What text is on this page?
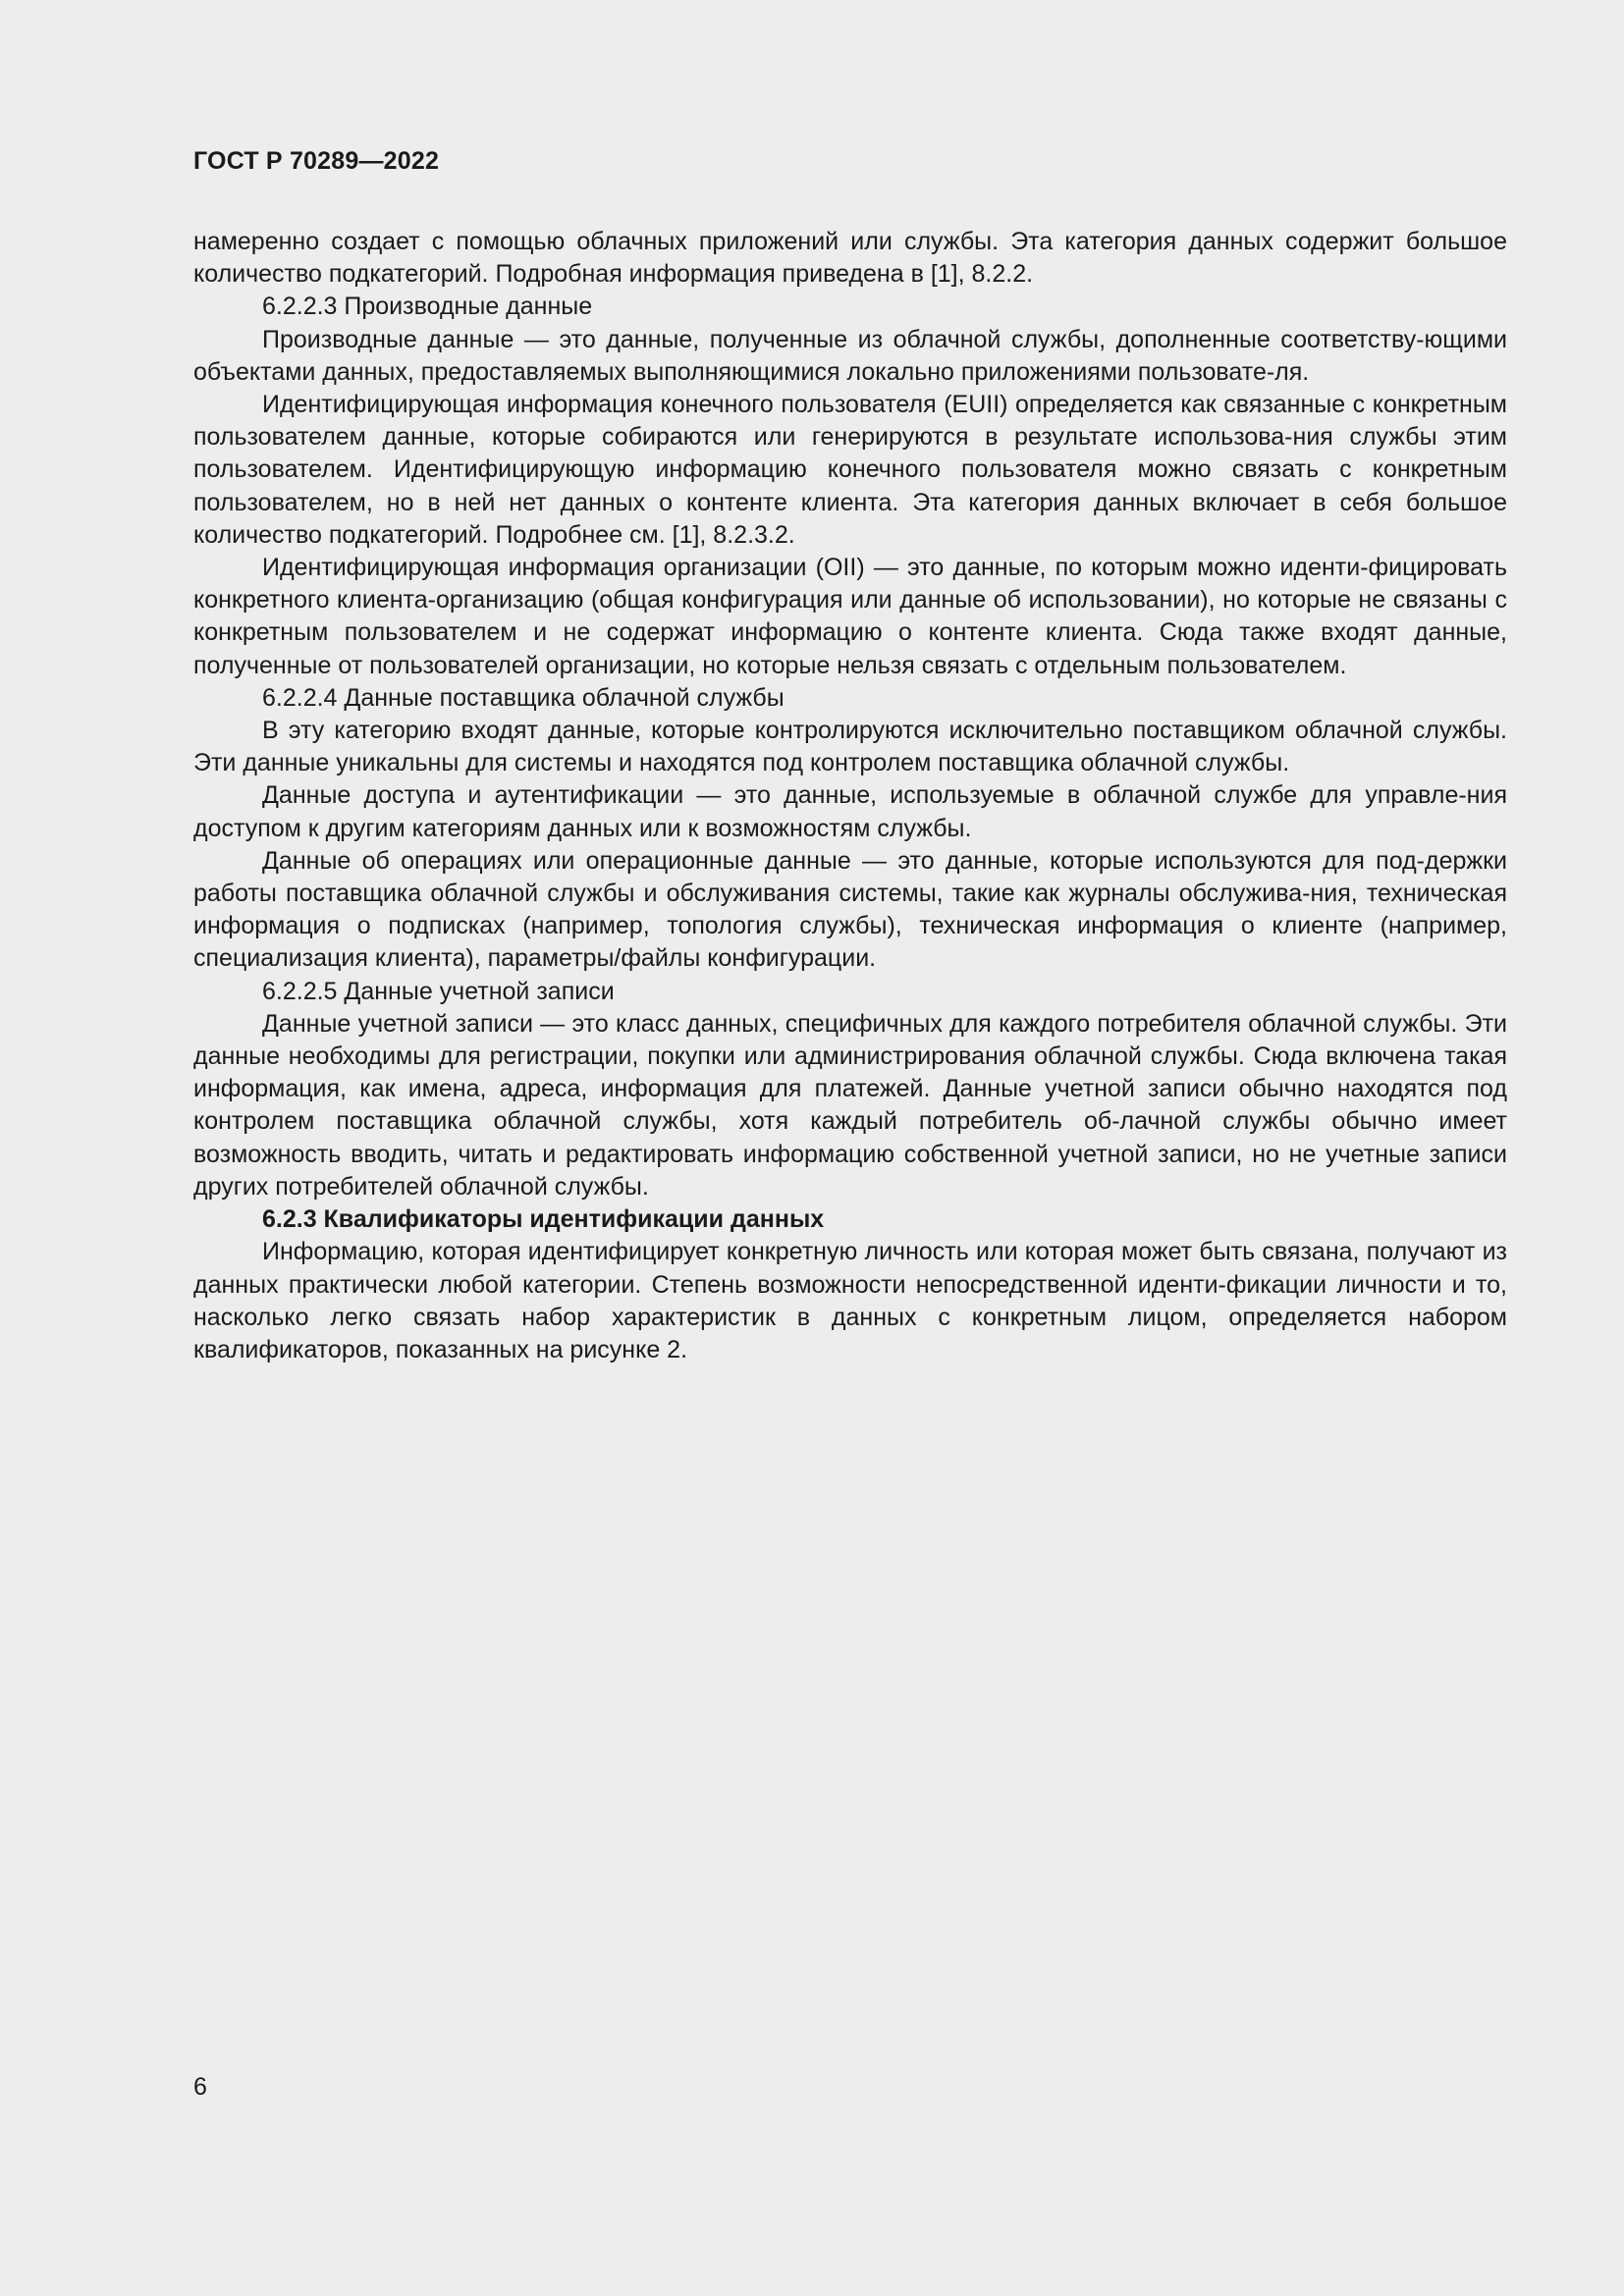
ГОСТ Р 70289—2022

намеренно создает с помощью облачных приложений или службы. Эта категория данных содержит большое количество подкатегорий. Подробная информация приведена в [1], 8.2.2.

6.2.2.3 Производные данные

Производные данные — это данные, полученные из облачной службы, дополненные соответству-ющими объектами данных, предоставляемых выполняющимися локально приложениями пользовате-ля.

Идентифицирующая информация конечного пользователя (EUII) определяется как связанные с конкретным пользователем данные, которые собираются или генерируются в результате использова-ния службы этим пользователем. Идентифицирующую информацию конечного пользователя можно связать с конкретным пользователем, но в ней нет данных о контенте клиента. Эта категория данных включает в себя большое количество подкатегорий. Подробнее см. [1], 8.2.3.2.

Идентифицирующая информация организации (OII) — это данные, по которым можно иденти-фицировать конкретного клиента-организацию (общая конфигурация или данные об использовании), но которые не связаны с конкретным пользователем и не содержат информацию о контенте клиента. Сюда также входят данные, полученные от пользователей организации, но которые нельзя связать с отдельным пользователем.

6.2.2.4 Данные поставщика облачной службы

В эту категорию входят данные, которые контролируются исключительно поставщиком облачной службы. Эти данные уникальны для системы и находятся под контролем поставщика облачной службы.

Данные доступа и аутентификации — это данные, используемые в облачной службе для управле-ния доступом к другим категориям данных или к возможностям службы.

Данные об операциях или операционные данные — это данные, которые используются для под-держки работы поставщика облачной службы и обслуживания системы, такие как журналы обслужива-ния, техническая информация о подписках (например, топология службы), техническая информация о клиенте (например, специализация клиента), параметры/файлы конфигурации.

6.2.2.5 Данные учетной записи

Данные учетной записи — это класс данных, специфичных для каждого потребителя облачной службы. Эти данные необходимы для регистрации, покупки или администрирования облачной службы. Сюда включена такая информация, как имена, адреса, информация для платежей. Данные учетной записи обычно находятся под контролем поставщика облачной службы, хотя каждый потребитель об-лачной службы обычно имеет возможность вводить, читать и редактировать информацию собственной учетной записи, но не учетные записи других потребителей облачной службы.

6.2.3 Квалификаторы идентификации данных

Информацию, которая идентифицирует конкретную личность или которая может быть связана, получают из данных практически любой категории. Степень возможности непосредственной иденти-фикации личности и то, насколько легко связать набор характеристик в данных с конкретным лицом, определяется набором квалификаторов, показанных на рисунке 2.

6
